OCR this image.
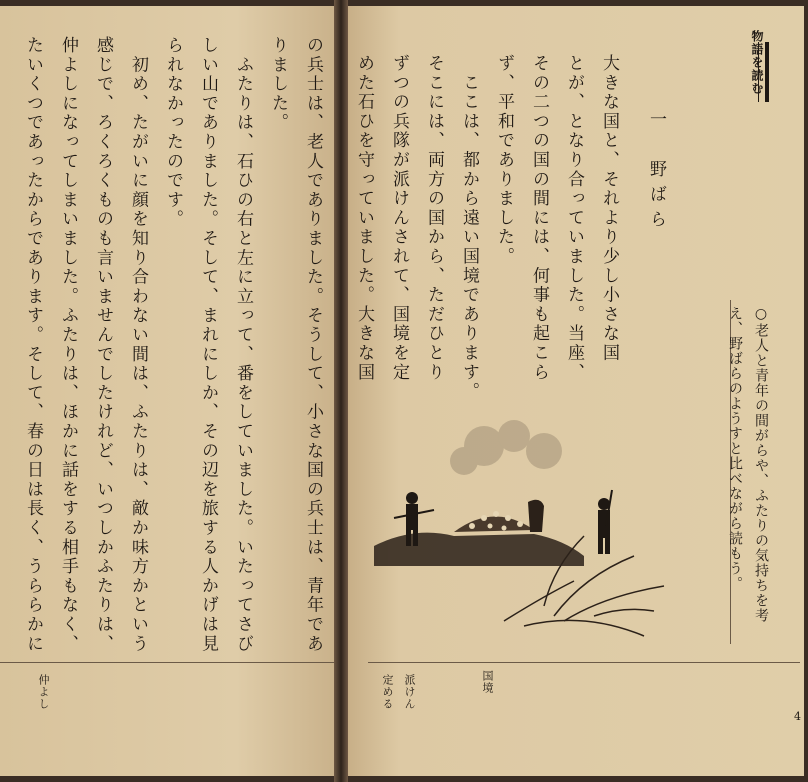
の兵士は、老人でありました。そうして、小さな国の兵士は、青年であ
りました。
　ふたりは、石ひの右と左に立って、番をしていました。いたってさび
しい山でありました。そして、まれにしか、その辺を旅する人かげは見
られなかったのです。
　初め、たがいに顔を知り合わない間は、ふたりは、敵か味方かという
感じで、ろくろくものも言いませんでしたけれど、いつしかふたりは、
仲よしになってしまいました。ふたりは、ほかに話をする相手もなく、
たいくつであったからであります。そして、春の日は長く、うららかに
仲よし
物語を読む
一　野ばら
大きな国と、それより少し小さな国
とが、となり合っていました。当座、
その二つの国の間には、何事も起こら
ず、平和でありました。
　ここは、都から遠い国境であります。
そこには、両方の国から、ただひとり
ずつの兵隊が派けんされて、国境を定
めた石ひを守っていました。大きな国
○老人と青年の間がらや、ふたりの気持ちを考
え、野ばらのようすと比べながら読もう。
国境
派けん
定める
4
